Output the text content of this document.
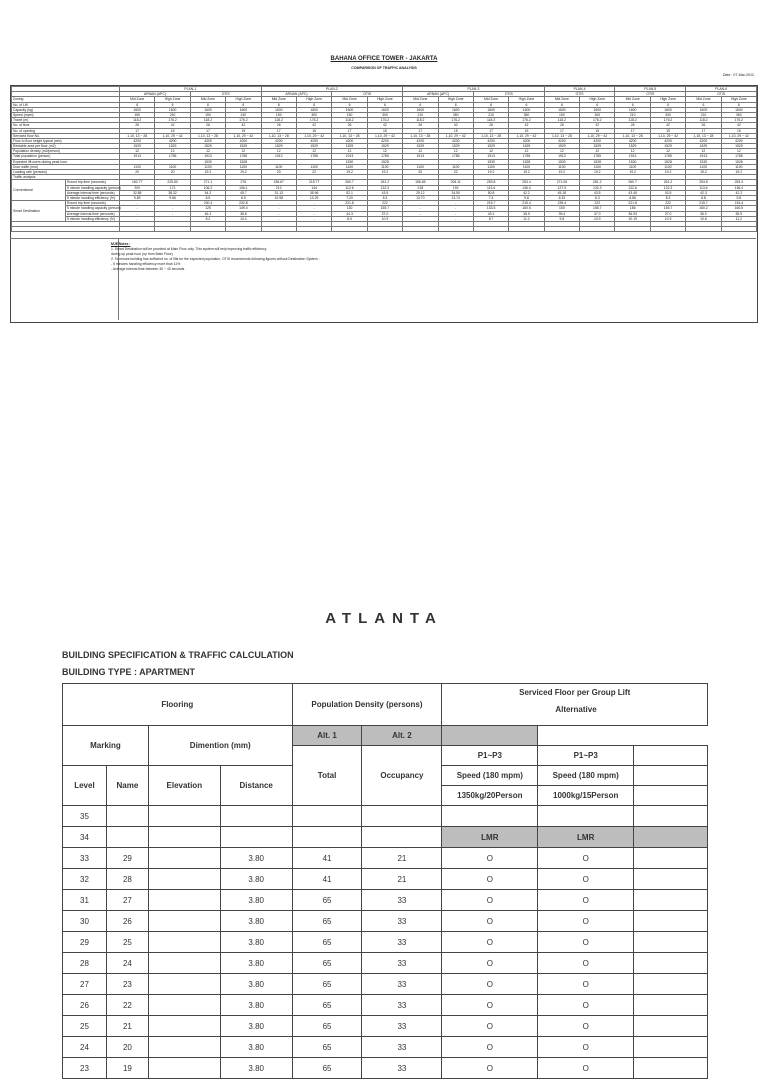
BAHANA OFFICE TOWER - JAKARTA
COMPARISON OF TRAFFIC ANALYSIS
Date : 07-Mar-2012
		PLAN-1				PLAN-2				PLAN-3				PLAN-4		PLAN-5		PLAN-6	
		ARNAN (APC)		OTIS		ARNAN (APC)		OTIS		ARNAN (APC)		OTIS		OTIS		OTIS		OTIS	
Zoning		Mid Zone	High Zone	Mid Zone	High Zone	Mid Zone	High Zone	Mid Zone	High Zone	Mid Zone	High Zone	Mid Zone	High Zone	Mid Zone	High Zone	Mid Zone	High Zone	Mid Zone	High Zone
No. of Lift		6	6	6	6	6	6	6	6	6	6	6	6	6	6	6	6	6	6
Capacity (kg)		1600	1600	1600	1600	1600	1600	1600	1600	1600	1600	1600	1600	1600	1600	1600	1600	1600	1600
Speed (mpm)		150	240	150	240	150	300	150	300	210	360	210	360	150	300	210	300	210	360
Travel (m)		118.2	176.2	118.2	176.2	118.2	176.2	118.2	176.2	118.2	176.2	118.2	176.2	118.2	176.2	118.2	176.2	118.2	176.2
No. of floor		26	42	26	42	26	42	26	42	26	42	26	42	26	42	26	42	26	42
No. of opening		17	15	17	15	17	15	17	15	17	15	17	15	17	15	17	15	17	15
Serviced floor No.		1,10, 13 ~ 28	1,10, 29 ~ 42	1,10, 13 ~ 28	1,10, 29 ~ 42	1,10, 13 ~ 28	1,10, 29 ~ 42	1,10, 13 ~ 28	1,10, 29 ~ 42	1,10, 13 ~ 28	1,10, 29 ~ 42	1,10, 13 ~ 28	1,10, 29 ~ 42	1,10, 13 ~ 28	1,10, 29 ~ 42	1,10, 13 ~ 28	1,10, 29 ~ 42	1,10, 13 ~ 28	1,10, 29 ~ 42
Floor to floor height typical (mm)		4200	4200	4200	4200	4200	4200	4200	4200	4200	4200	4200	4200	4200	4200	4200	4200	4200	4200
Rentable area per floor (m2)		1529	1529	1529	1529	1529	1529	1529	1529	1529	1529	1529	1529	1529	1529	1529	1529	1529	1529
Population density (m2/person)		12	12	12	12	12	12	12	12	12	12	12	12	12	12	12	12	12	12
Total population (person)		1913	1785	1913	1785	1913	1785	1913	1785	1913	1785	1913	1785	1913	1785	1913	1785	1913	1785
Expected lift users during peak hour				1530	1528			1530	1528			1530	1528	1530	1528	1530	1528	1530	1528
Door width (mm)		1100	1100	1100	1100	1100	1100	1100	1100	1100	1100	1100	1100	1100	1100	1100	1100	1100	1100
Loading rate (persons)		20	20	19.2	19.2	20	22	19.2	19.2	20	22	19.2	19.2	19.2	19.2	19.2	19.2	19.2	19.2
Traffic analysis																			
Conventional	Round trip time (seconds)	182.77	225.80	271.1	276	156.67	215.77	260.7	261.2	156.65	206.11	253.8	253.4	271.06	261.2	260.7	261.2	253.8	253.4
	5 minute handling capacity (person)	200	172	106.2	106.1	210	144	112.6	132.3	218	192	113.6	136.4	127.5	132.3	122.6	132.3	113.6	136.4
	Average interval time (seconds)	32.88	38.32	54.2	45.7	31.13	35.96	52.1	43.5	29.12	34.50	50.8	42.2	45.18	43.5	43.45	43.5	42.3	42.2
	5 minute handling efficiency (%)	9.89	9.66	6.5	6.5	10.98	10.29	7.20	8.3	13.70	13.74	7.4	9.8	6.33	8.3	6.86	8.3	6.8	9.8
Smart Destination	Round trip time (seconds)	-	-	230.4	232.8	-	-	221.8	222	-	-	215.7	215.4	235.4	222	221.8	222	215.7	215.4
	5 minute handling capacity (person)	-	-	125	149.4	-	-	130	155.7	-	-	133.5	160.5	150	155.7	156	155.7	160.2	160.5
	Average interval time (seconds)	-	-	46.1	38.8	-	-	44.3	37.0	-	-	43.1	35.9	39.4	37.0	36.93	37.0	36.0	35.9
	5 minute handling efficiency (%)	-	-	8.2	10.4	-	-	8.5	10.9	-	-	8.7	11.2	9.8	10.9	10.19	10.9	10.6	11.2

MJE Notes :
1. Smart Destination will be provided at Main Floor only. This system will help improving traffic efficiency
during up peak hour (up from Main Floor)
2. To ensure building has sufficient no. of lifts for the expected population, OTIS recommends following figures without Destination System :
- 5 minutes handling efficiency more than 11%
- Average interval time between 30 ~ 40 seconds
ATLANTA
BUILDING SPECIFICATION & TRAFFIC CALCULATION
BUILDING TYPE : APARTMENT
Flooring				Population Density (persons)		Serviced Floor per Group Lift		

Marking		Dimention (mm)		Alt. 1	Alt. 2			
				Total	Occupancy	P1~P3	P1~P3	
Level	Name	Elevation	Distance			Speed (180 mpm)	Speed (180 mpm)	
						1350kg/20Person	1000kg/15Person	
35								
34						LMR	LMR	
33	29		3.80	41	21	O	O	
32	28		3.80	41	21	O	O	
31	27		3.80	65	33	O	O	
30	26		3.80	65	33	O	O	
29	25		3.80	65	33	O	O	
28	24		3.80	65	33	O	O	
27	23		3.80	65	33	O	O	
26	22		3.80	65	33	O	O	
25	21		3.80	65	33	O	O	
24	20		3.80	65	33	O	O	
23	19		3.80	65	33	O	O	
Alternative
